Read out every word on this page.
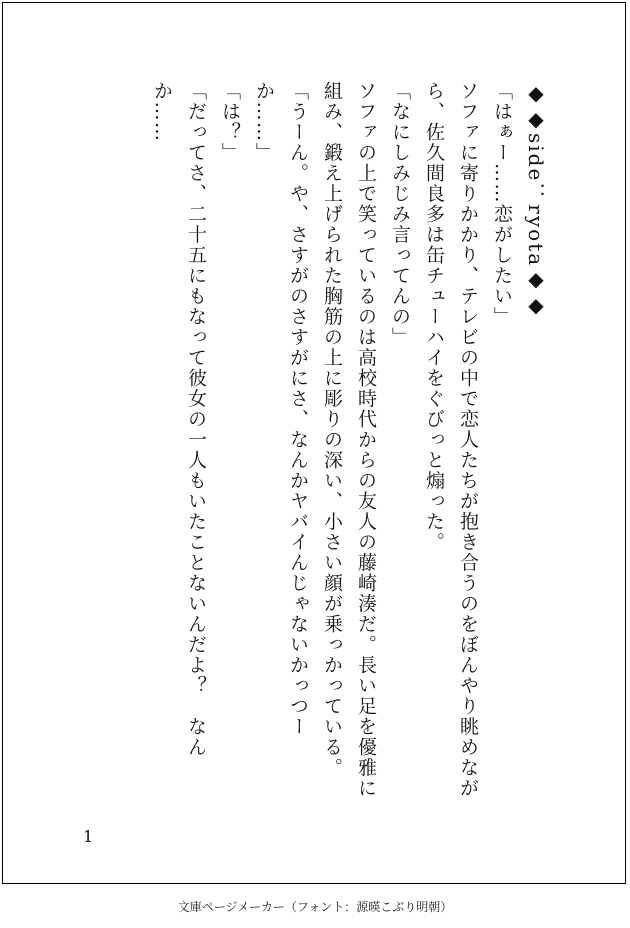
◆◆side：ryota◆◆

「はぁー……恋がしたい」

ソファに寄りかかり、テレビの中で恋人たちが抱き合うのをぼんやり眺めながら、佐久間良多は缶チューハイをぐびっと煽った。

「なにしみじみ言ってんの」

ソファの上で笑っているのは高校時代からの友人の藤崎湊だ。長い足を優雅に組み、鍛え上げられた胸筋の上に彫りの深い、小さい顔が乗っかっている。

「うーん。や、さすがのさすがにさ、なんかヤバイんじゃないかっつーか……」

「は？」

「だってさ、二十五にもなって彼女の一人もいたことないんだよ？　なんか……

1
文庫ページメーカー（フォント：源暎こぶり明朝）
